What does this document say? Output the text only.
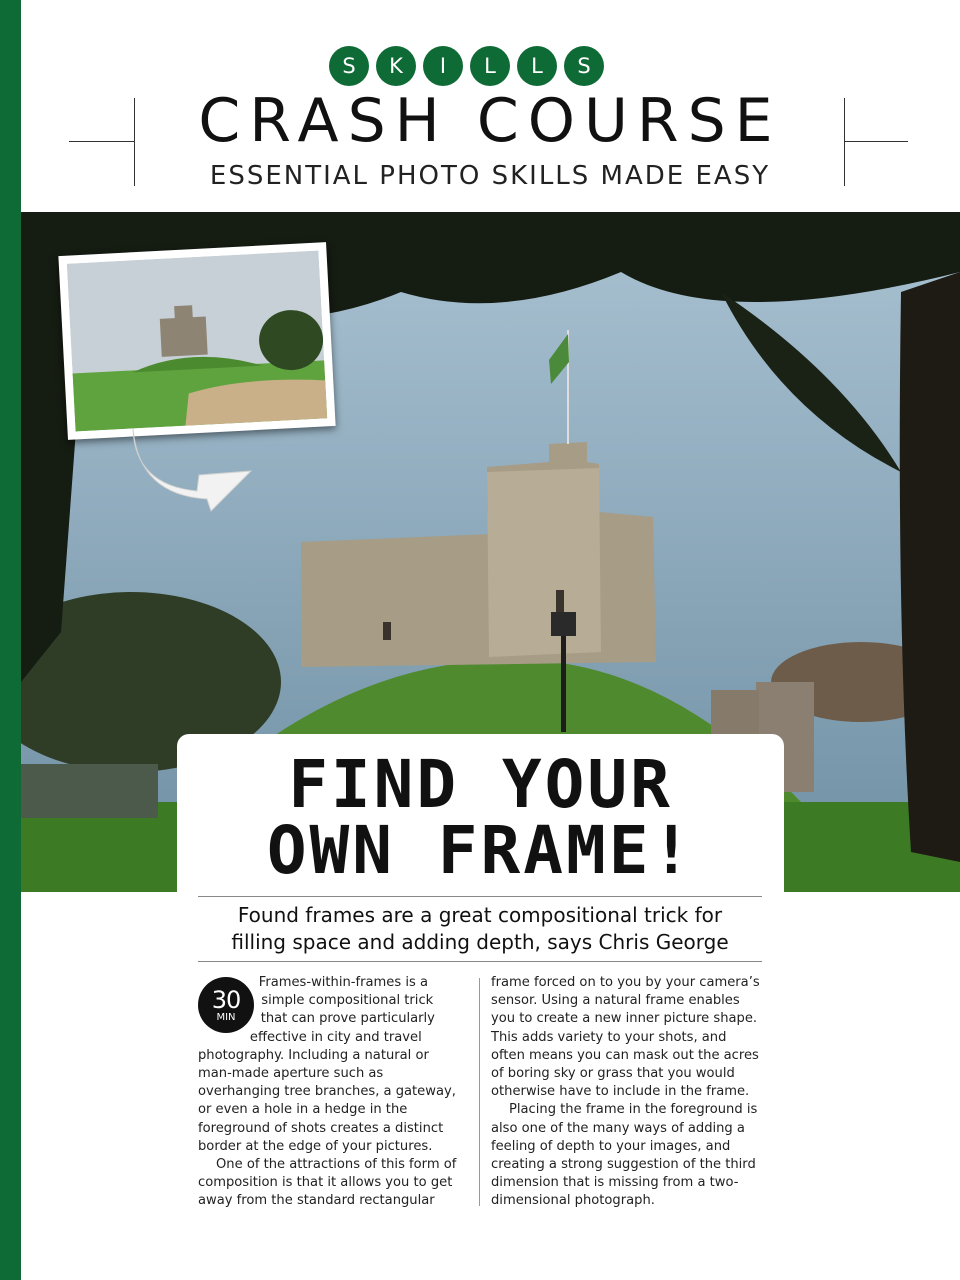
S	K	I	L	L	S
CRASH COURSE
ESSENTIAL PHOTO SKILLS MADE EASY
FIND YOUR
OWN FRAME!
Found frames are a great compositional trick for
filling space and adding depth, says Chris George
30
MIN

Frames-within-frames is a simple compositional trick that can prove particularly effective in city and travel photography. Including a natural or man-made aperture such as overhanging tree branches, a gateway, or even a hole in a hedge in the foreground of shots creates a distinct border at the edge of your pictures.

One of the attractions of this form of composition is that it allows you to get away from the standard rectangular

frame forced on to you by your camera’s sensor. Using a natural frame enables you to create a new inner picture shape. This adds variety to your shots, and often means you can mask out the acres of boring sky or grass that you would otherwise have to include in the frame.

Placing the frame in the foreground is also one of the many ways of adding a feeling of depth to your images, and creating a strong suggestion of the third dimension that is missing from a two-dimensional photograph.
